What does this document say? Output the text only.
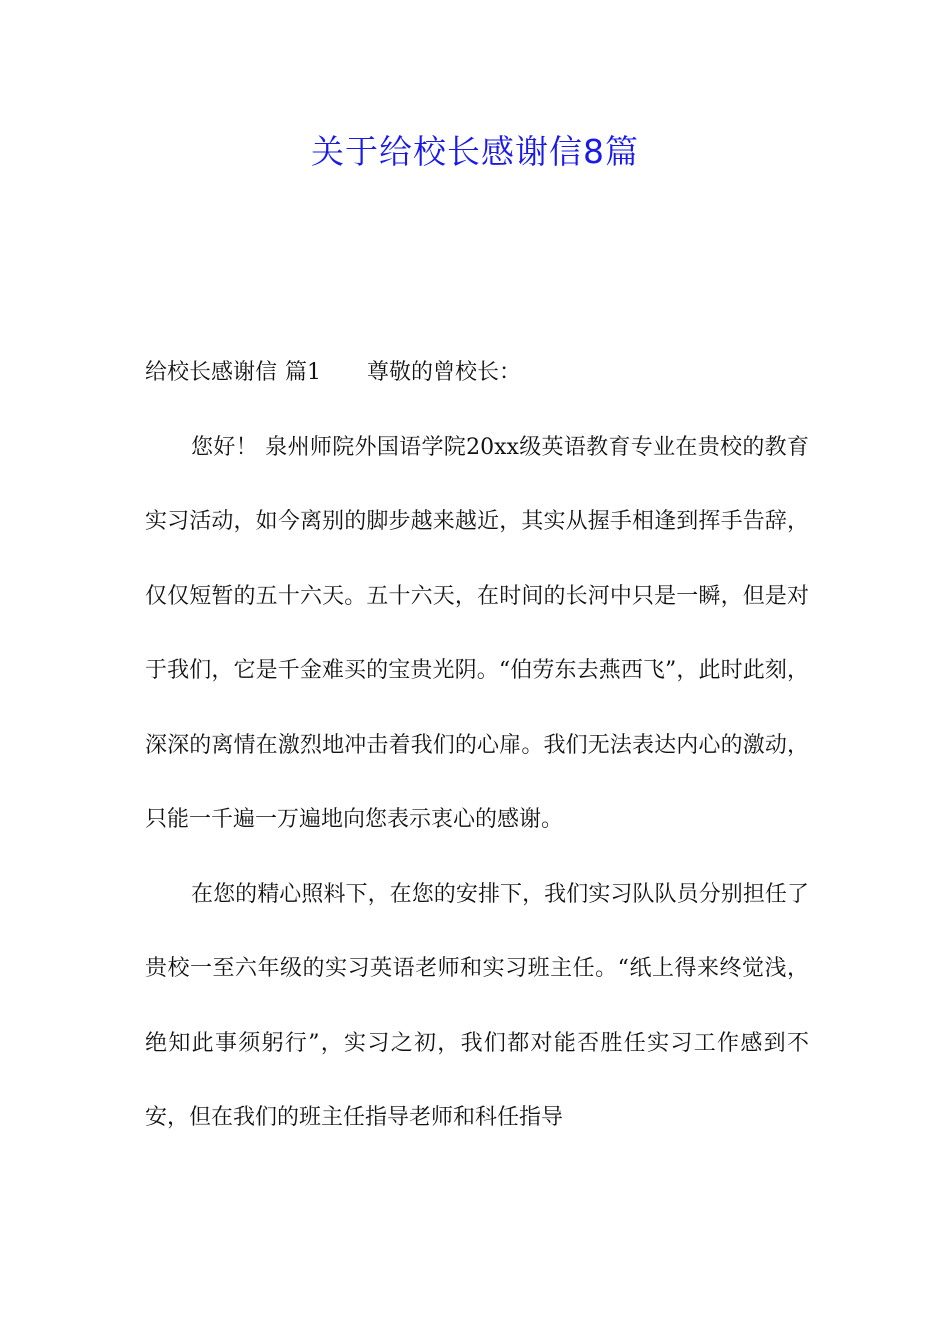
关于给校长感谢信8篇

给校长感谢信 篇1 尊敬的曾校长：

您好！ 泉州师院外国语学院20xx级英语教育专业在贵校的教育实习活动，如今离别的脚步越来越近，其实从握手相逢到挥手告辞，仅仅短暂的五十六天。五十六天，在时间的长河中只是一瞬，但是对于我们，它是千金难买的宝贵光阴。“伯劳东去燕西飞”，此时此刻，深深的离情在激烈地冲击着我们的心扉。我们无法表达内心的激动，只能一千遍一万遍地向您表示衷心的感谢。

在您的精心照料下，在您的安排下，我们实习队队员分别担任了贵校一至六年级的实习英语老师和实习班主任。“纸上得来终觉浅，绝知此事须躬行”，实习之初，我们都对能否胜任实习工作感到不安，但在我们的班主任指导老师和科任指导
